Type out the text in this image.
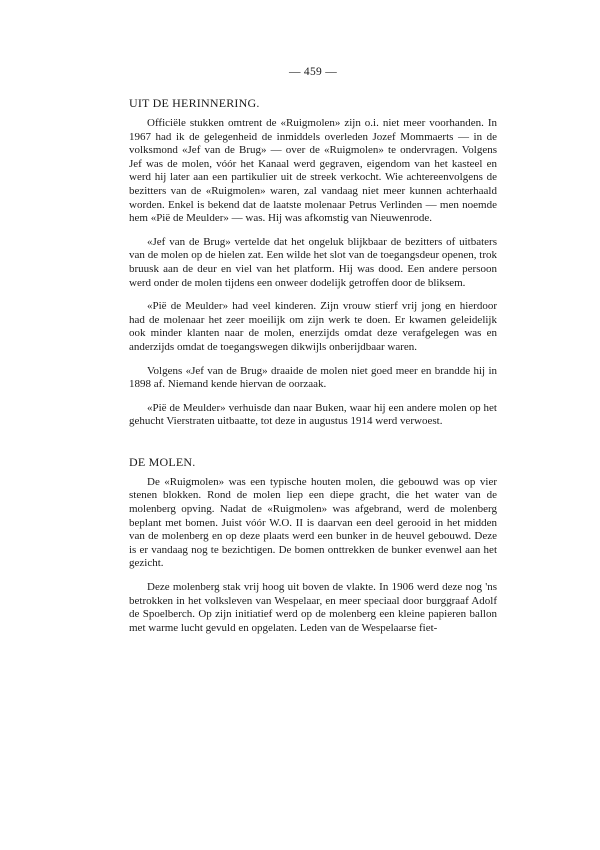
— 459 —
UIT DE HERINNERING.

Officiële stukken omtrent de «Ruigmolen» zijn o.i. niet meer voorhanden. In 1967 had ik de gelegenheid de inmiddels overleden Jozef Mommaerts — in de volksmond «Jef van de Brug» — over de «Ruigmolen» te ondervragen. Volgens Jef was de molen, vóór het Kanaal werd gegraven, eigendom van het kasteel en werd hij later aan een partikulier uit de streek verkocht. Wie achtereenvolgens de bezitters van de «Ruigmolen» waren, zal vandaag niet meer kunnen achterhaald worden. Enkel is bekend dat de laatste molenaar Petrus Verlinden — men noemde hem «Pië de Meulder» — was. Hij was afkomstig van Nieuwenrode.

«Jef van de Brug» vertelde dat het ongeluk blijkbaar de bezitters of uitbaters van de molen op de hielen zat. Een wilde het slot van de toegangsdeur openen, trok bruusk aan de deur en viel van het platform. Hij was dood. Een andere persoon werd onder de molen tijdens een onweer dodelijk getroffen door de bliksem.

«Pië de Meulder» had veel kinderen. Zijn vrouw stierf vrij jong en hierdoor had de molenaar het zeer moeilijk om zijn werk te doen. Er kwamen geleidelijk ook minder klanten naar de molen, enerzijds omdat deze verafgelegen was en anderzijds omdat de toegangswegen dikwijls onberijdbaar waren.

Volgens «Jef van de Brug» draaide de molen niet goed meer en brandde hij in 1898 af. Niemand kende hiervan de oorzaak.

«Pië de Meulder» verhuisde dan naar Buken, waar hij een andere molen op het gehucht Vierstraten uitbaatte, tot deze in augustus 1914 werd verwoest.

DE MOLEN.

De «Ruigmolen» was een typische houten molen, die gebouwd was op vier stenen blokken. Rond de molen liep een diepe gracht, die het water van de molenberg opving. Nadat de «Ruigmolen» was afgebrand, werd de molenberg beplant met bomen. Juist vóór W.O. II is daarvan een deel gerooid in het midden van de molenberg en op deze plaats werd een bunker in de heuvel gebouwd. Deze is er vandaag nog te bezichtigen. De bomen onttrekken de bunker evenwel aan het gezicht.

Deze molenberg stak vrij hoog uit boven de vlakte. In 1906 werd deze nog 'ns betrokken in het volksleven van Wespelaar, en meer speciaal door burggraaf Adolf de Spoelberch. Op zijn initiatief werd op de molenberg een kleine papieren ballon met warme lucht gevuld en opgelaten. Leden van de Wespelaarse fiet-
